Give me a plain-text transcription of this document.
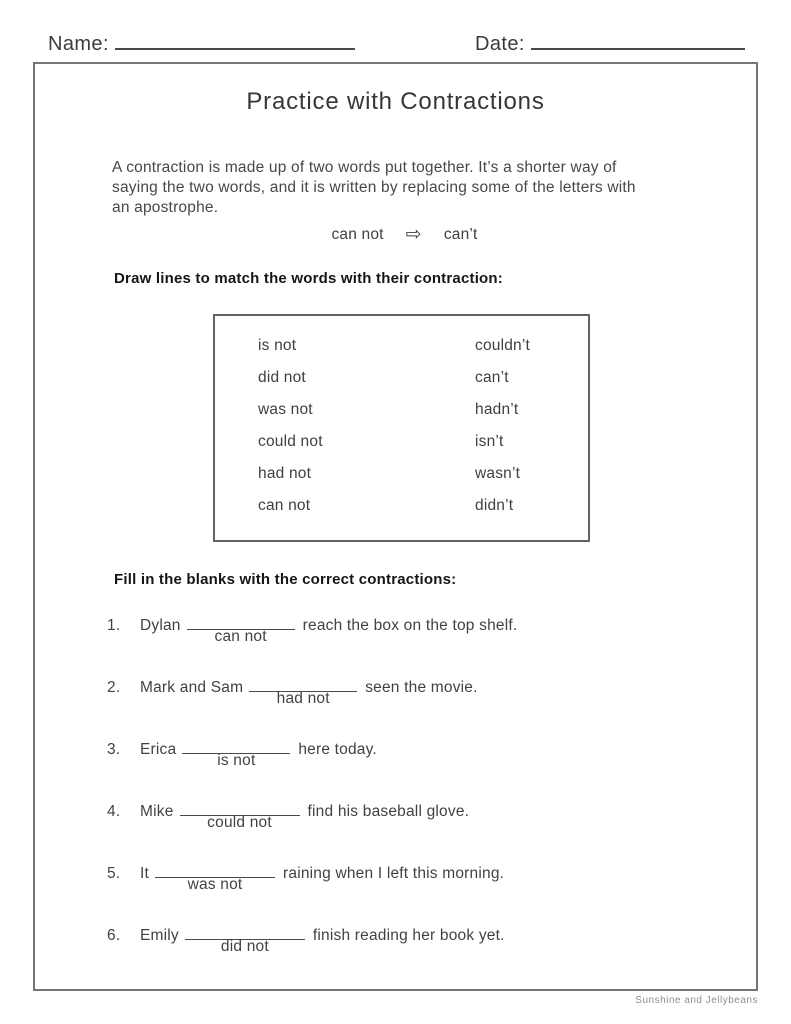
Name:	Date:
Practice with Contractions
A contraction is made up of two words put together. It’s a shorter way of
saying the two words, and it is written by replacing some of the letters with
an apostrophe.
can not ⇨ can’t
Draw lines to match the words with their contraction:
is not	couldn’t
did not	can’t
was not	hadn’t
could not	isn’t
had not	wasn’t
can not	didn’t
Fill in the blanks with the correct contractions:
1. Dylan
can not
reach the box on the top shelf.
2. Mark and Sam
had not
seen the movie.
3. Erica
is not
here today.
4. Mike
could not
find his baseball glove.
5. It
was not
raining when I left this morning.
6. Emily
did not
finish reading her book yet.
Sunshine and Jellybeans
